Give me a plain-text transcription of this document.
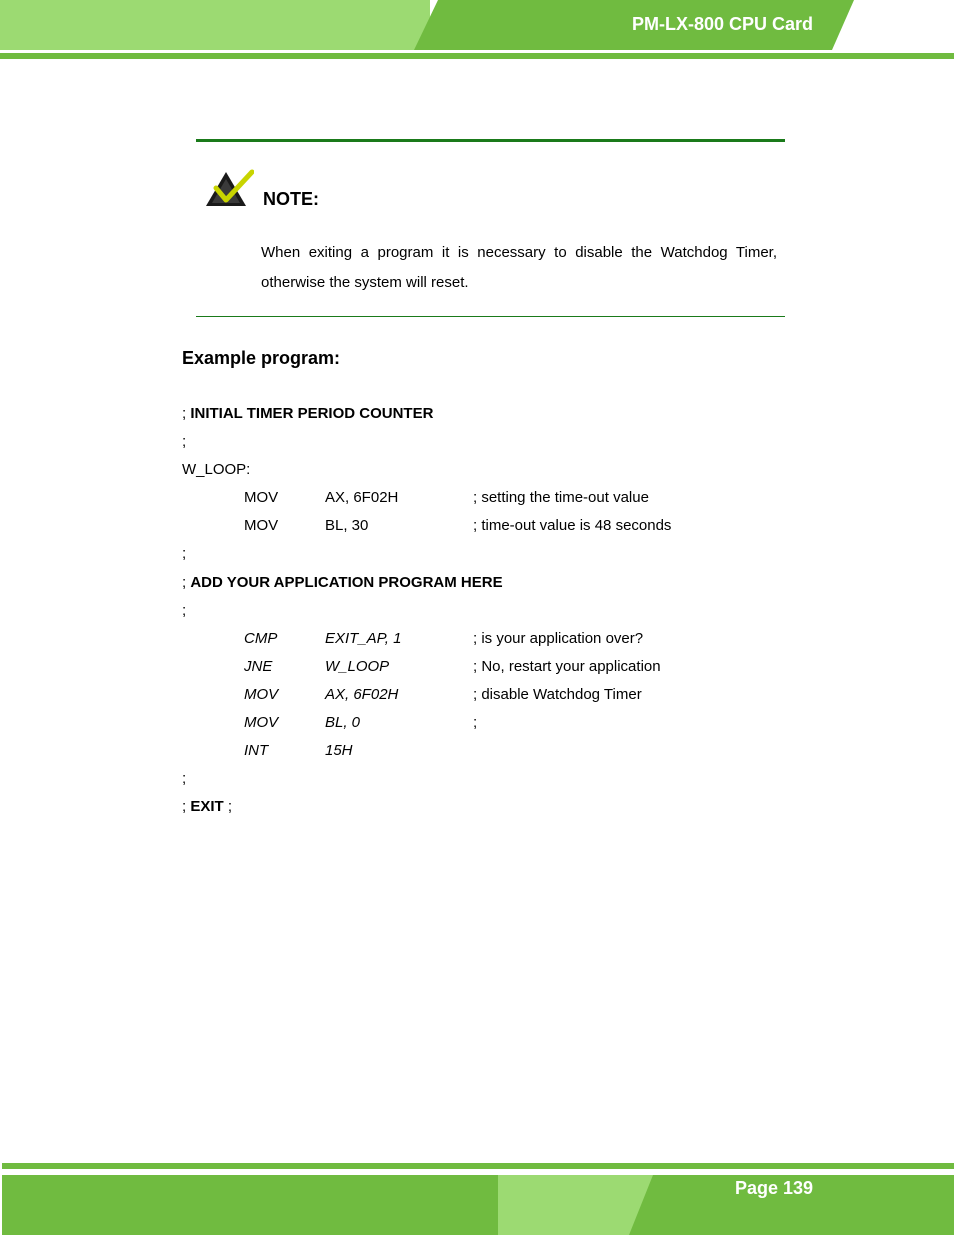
PM-LX-800 CPU Card
NOTE:
When exiting a program it is necessary to disable the Watchdog Timer, otherwise the system will reset.
Example program:
; INITIAL TIMER PERIOD COUNTER
;
W_LOOP:
MOV	AX, 6F02H	; setting the time-out value
MOV	BL, 30	; time-out value is 48 seconds
;
; ADD YOUR APPLICATION PROGRAM HERE
;
CMP	EXIT_AP, 1	; is your application over?
JNE	W_LOOP	; No, restart your application
MOV	AX, 6F02H	; disable Watchdog Timer
MOV	BL, 0	;
INT	15H
;
; EXIT ;
Page 139
